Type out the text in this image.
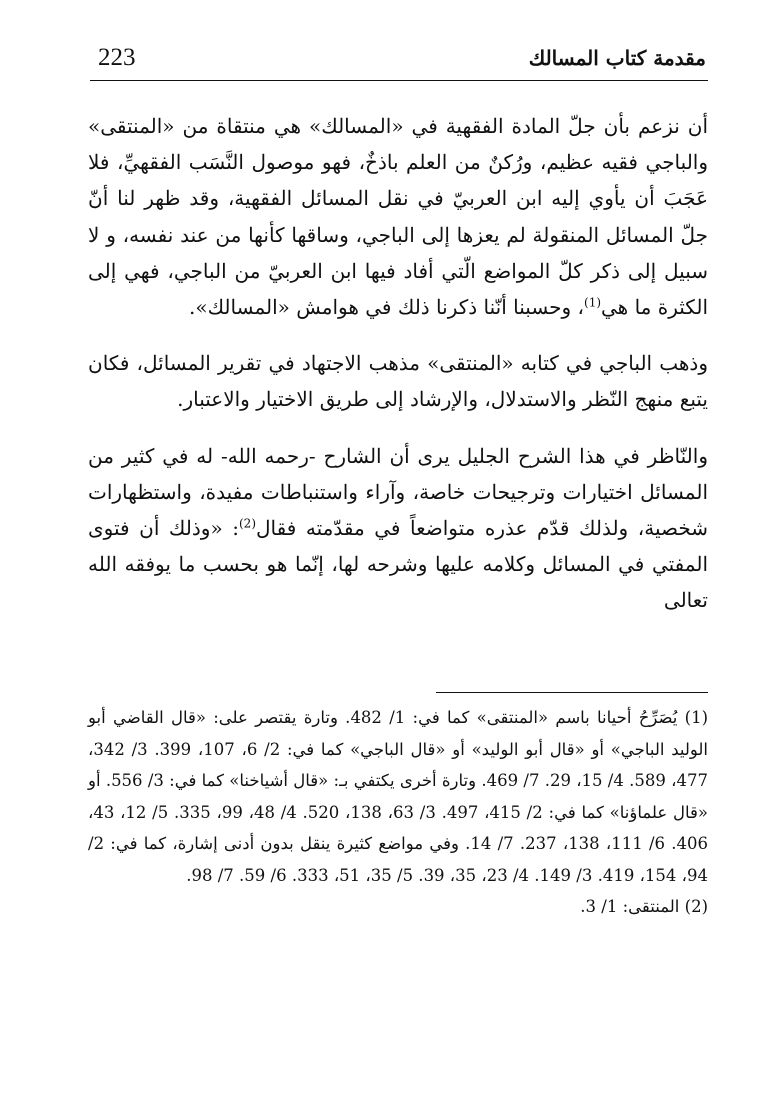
223	مقدمة كتاب المسالك

أن نزعم بأن جلّ المادة الفقهية في «المسالك» هي منتقاة من «المنتقى» والباجي فقيه عظيم، ورُكنٌ من العلم باذخٌ، فهو موصول النَّسَب الفقهيِّ، فلا عَجَبَ أن يأوي إليه ابن العربيّ في نقل المسائل الفقهية، وقد ظهر لنا أنّ جلّ المسائل المنقولة لم يعزها إلى الباجي، وساقها كأنها من عند نفسه، و لا سبيل إلى ذكر كلّ المواضع الّتي أفاد فيها ابن العربيّ من الباجي، فهي إلى الكثرة ما هي$^{(1)}$، وحسبنا أنّنا ذكرنا ذلك في هوامش «المسالك».

وذهب الباجي في كتابه «المنتقى» مذهب الاجتهاد في تقرير المسائل، فكان يتبع منهج النّظر والاستدلال، والإرشاد إلى طريق الاختيار والاعتبار.

والنّاظر في هذا الشرح الجليل يرى أن الشارح -رحمه الله- له في كثير من المسائل اختيارات وترجيحات خاصة، وآراء واستنباطات مفيدة، واستظهارات شخصية، ولذلك قدّم عذره متواضعاً في مقدّمته فقال$^{(2)}$: «وذلك أن فتوى المفتي في المسائل وكلامه عليها وشرحه لها، إنّما هو بحسب ما يوفقه الله تعالى

(1) يُصَرِّحُ أحيانا باسم «المنتقى» كما في: 1/ 482. وتارة يقتصر على: «قال القاضي أبو الوليد الباجي» أو «قال أبو الوليد» أو «قال الباجي» كما في: 2/ 6، 107، 399. 3/ 342، 477، 589. 4/ 15، 29. 7/ 469. وتارة أخرى يكتفي بـ: «قال أشياخنا» كما في: 3/ 556. أو «قال علماؤنا» كما في: 2/ 415، 497. 3/ 63، 138، 520. 4/ 48، 99، 335. 5/ 12، 43، 406. 6/ 111، 138، 237. 7/ 14. وفي مواضع كثيرة ينقل بدون أدنى إشارة، كما في: 2/ 94، 154، 419. 3/ 149. 4/ 23، 35، 39. 5/ 35، 51، 333. 6/ 59. 7/ 98.

(2) المنتقى: 1/ 3.
